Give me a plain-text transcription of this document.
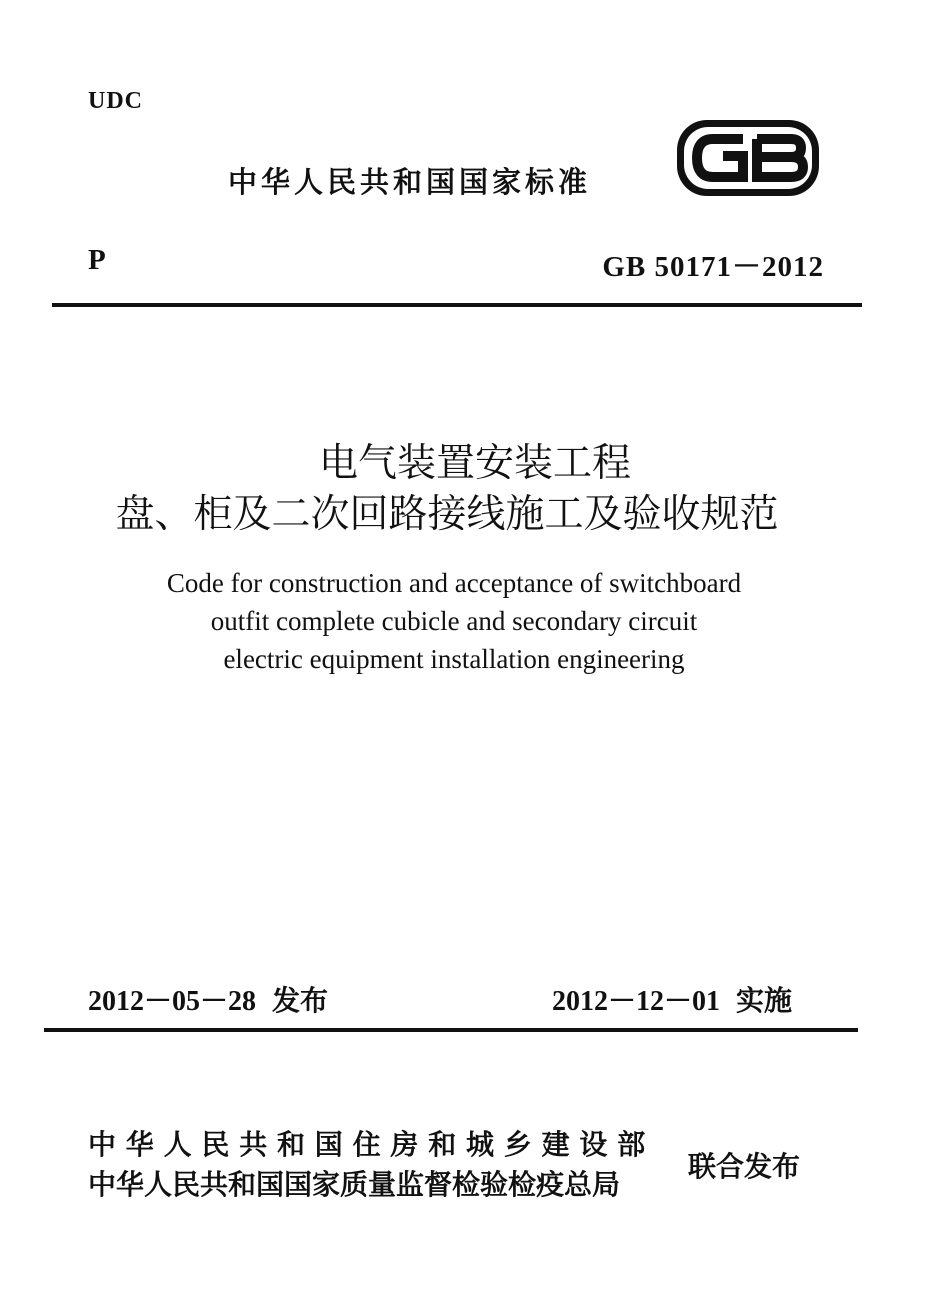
UDC
中华人民共和国国家标准
P	GB 50171－2012
电气装置安装工程
盘、柜及二次回路接线施工及验收规范
Code for construction and acceptance of switchboard
outfit complete cubicle and secondary circuit
electric equipment installation engineering
2012－05－28 发布	2012－12－01 实施
中华人民共和国住房和城乡建设部
中华人民共和国国家质量监督检验检疫总局
联合发布
